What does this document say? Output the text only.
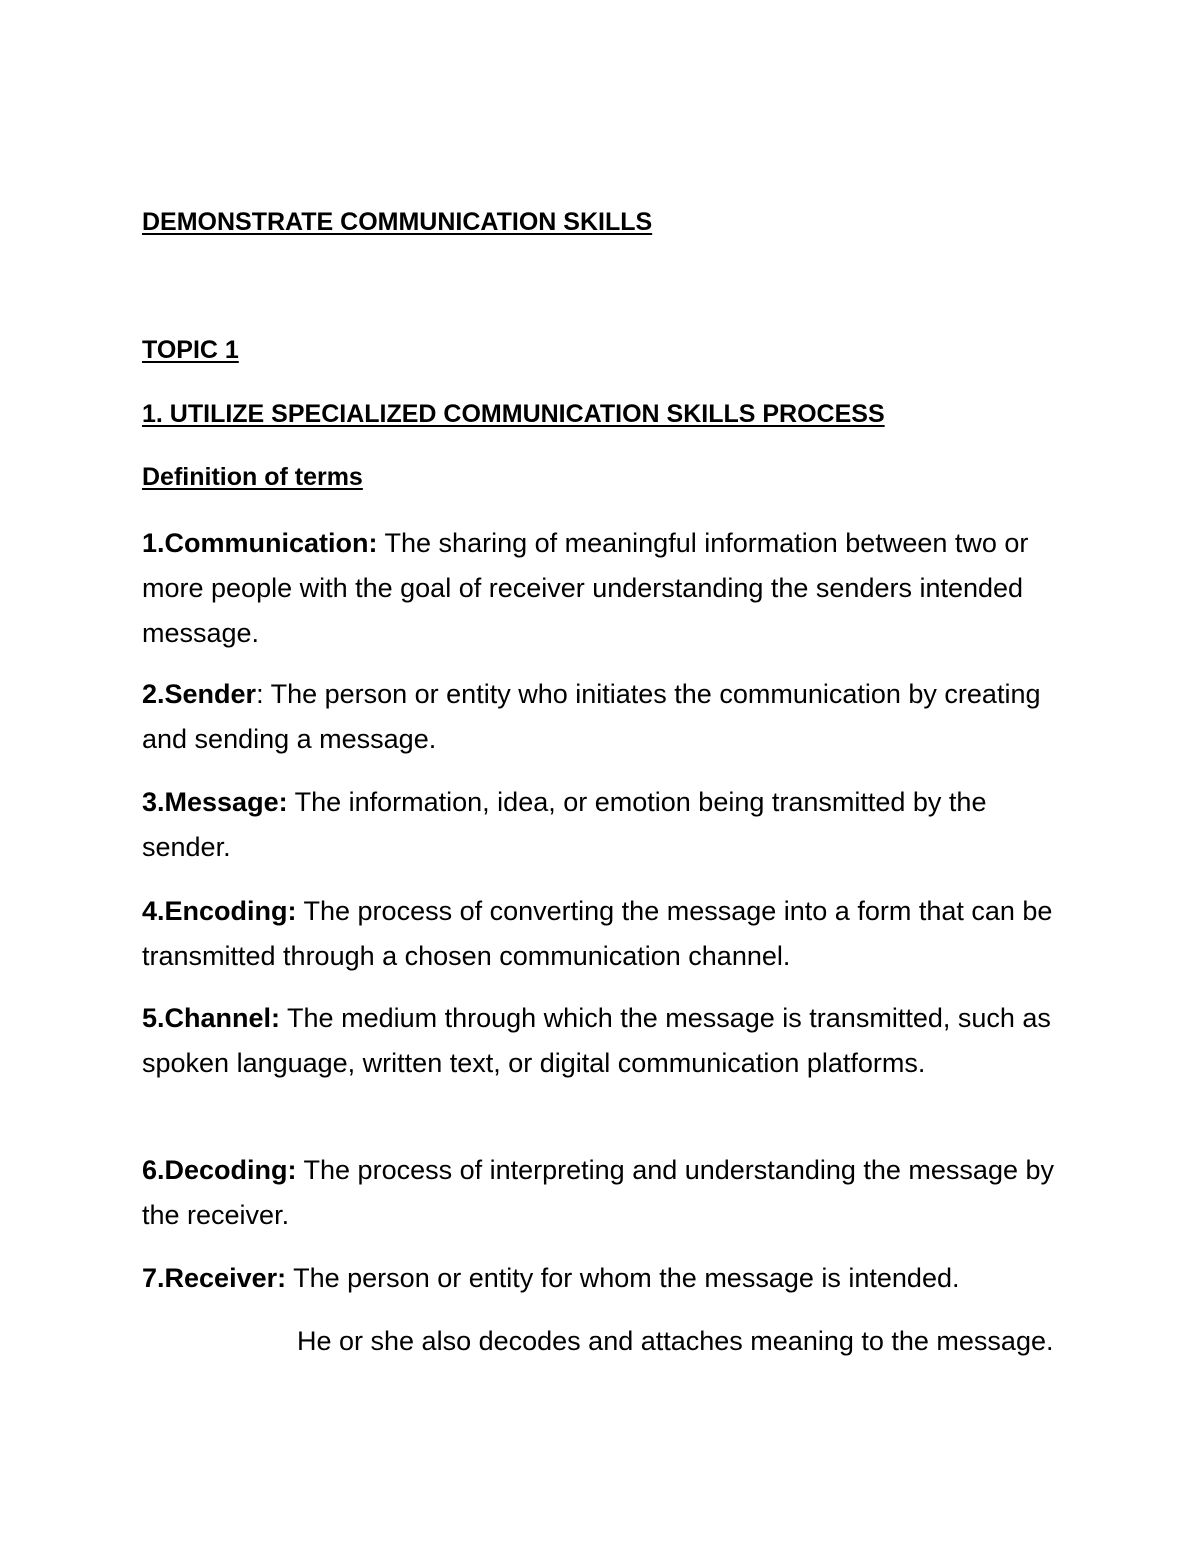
DEMONSTRATE COMMUNICATION SKILLS

TOPIC 1

1. UTILIZE SPECIALIZED COMMUNICATION SKILLS PROCESS

Definition of terms

1.Communication: The sharing of meaningful information between two or more people with the goal of receiver understanding the senders intended message.

2.Sender: The person or entity who initiates the communication by creating and sending a message.

3.Message: The information, idea, or emotion being transmitted by the sender.

4.Encoding: The process of converting the message into a form that can be transmitted through a chosen communication channel.

5.Channel: The medium through which the message is transmitted, such as spoken language, written text, or digital communication platforms.

6.Decoding: The process of interpreting and understanding the message by the receiver.

7.Receiver: The person or entity for whom the message is intended.

He or she also decodes and attaches meaning to the message.
